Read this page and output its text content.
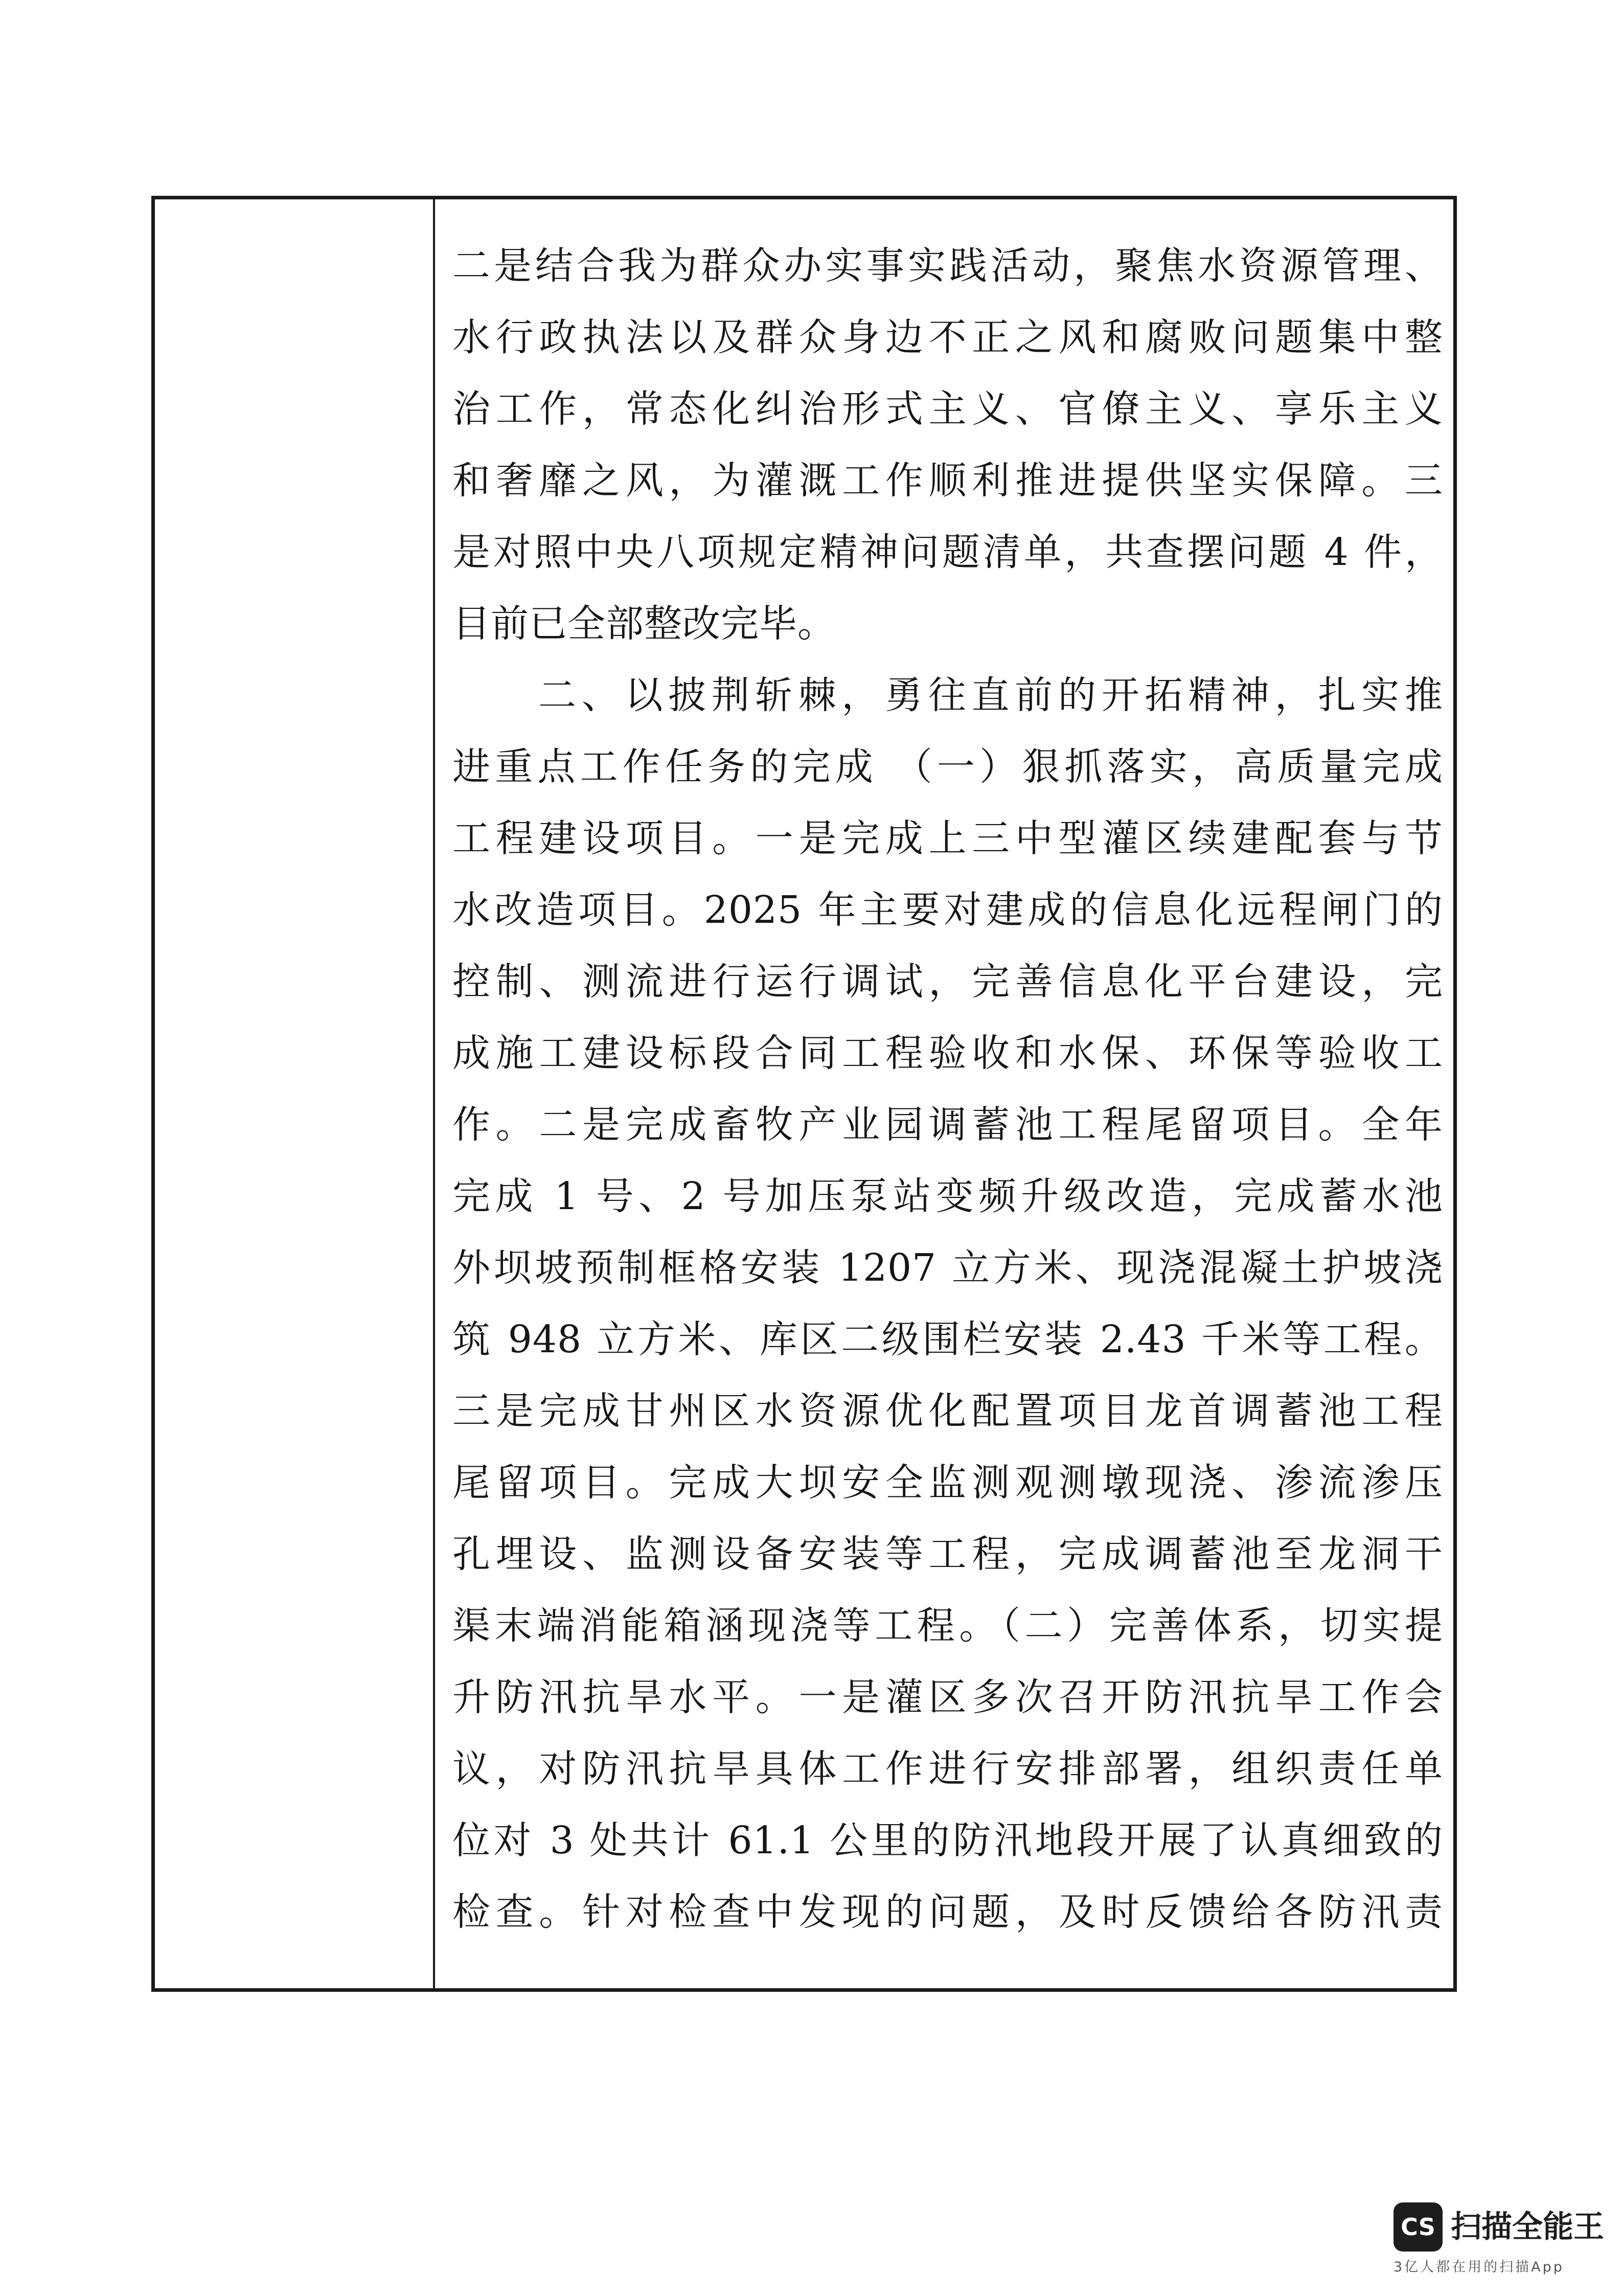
二是结合我为群众办实事实践活动，聚焦水资源管理、
水行政执法以及群众身边不正之风和腐败问题集中整
治工作，常态化纠治形式主义、官僚主义、享乐主义
和奢靡之风，为灌溉工作顺利推进提供坚实保障。三
是对照中央八项规定精神问题清单，共查摆问题 4 件，
目前已全部整改完毕。
二、以披荆斩棘，勇往直前的开拓精神，扎实推
进重点工作任务的完成 （一）狠抓落实，高质量完成
工程建设项目。一是完成上三中型灌区续建配套与节
水改造项目。2025 年主要对建成的信息化远程闸门的
控制、测流进行运行调试，完善信息化平台建设，完
成施工建设标段合同工程验收和水保、环保等验收工
作。二是完成畜牧产业园调蓄池工程尾留项目。全年
完成 1 号、2 号加压泵站变频升级改造，完成蓄水池
外坝坡预制框格安装 1207 立方米、现浇混凝土护坡浇
筑 948 立方米、库区二级围栏安装 2.43 千米等工程。
三是完成甘州区水资源优化配置项目龙首调蓄池工程
尾留项目。完成大坝安全监测观测墩现浇、渗流渗压
孔埋设、监测设备安装等工程，完成调蓄池至龙洞干
渠末端消能箱涵现浇等工程。（二）完善体系，切实提
升防汛抗旱水平。一是灌区多次召开防汛抗旱工作会
议，对防汛抗旱具体工作进行安排部署，组织责任单
位对 3 处共计 61.1 公里的防汛地段开展了认真细致的
检查。针对检查中发现的问题，及时反馈给各防汛责
CS 扫描全能王
3亿人都在用的扫描App
